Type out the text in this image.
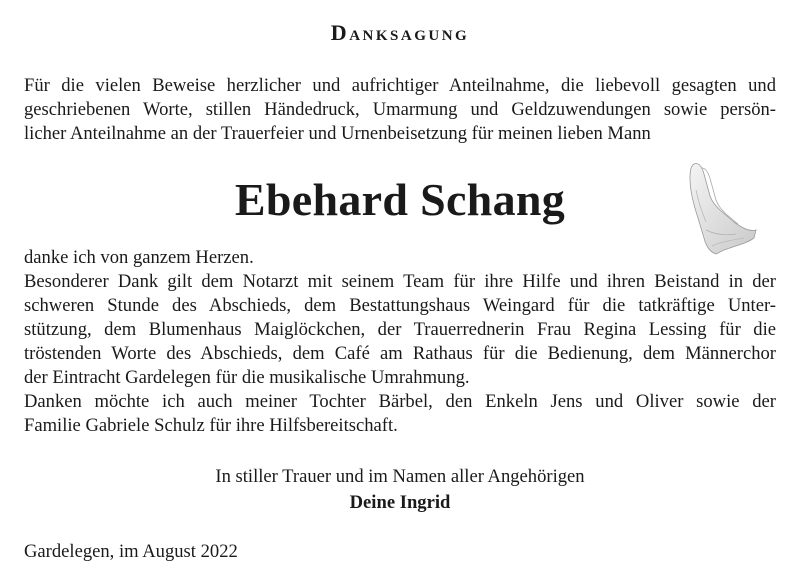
DANKSAGUNG
Für die vielen Beweise herzlicher und aufrichtiger Anteilnahme, die liebevoll gesagten und
geschriebenen Worte, stillen Händedruck, Umarmung und Geldzuwendungen sowie persön-
licher Anteilnahme an der Trauerfeier und Urnenbeisetzung für meinen lieben Mann
Ebehard Schang
danke ich von ganzem Herzen.
Besonderer Dank gilt dem Notarzt mit seinem Team für ihre Hilfe und ihren Beistand in der
schweren Stunde des Abschieds, dem Bestattungshaus Weingard für die tatkräftige Unter-
stützung, dem Blumenhaus Maiglöckchen, der Trauerrednerin Frau Regina Lessing für die
tröstenden Worte des Abschieds, dem Café am Rathaus für die Bedienung, dem Männerchor
der Eintracht Gardelegen für die musikalische Umrahmung.
Danken möchte ich auch meiner Tochter Bärbel, den Enkeln Jens und Oliver sowie der
Familie Gabriele Schulz für ihre Hilfsbereitschaft.
In stiller Trauer und im Namen aller Angehörigen
Deine Ingrid
Gardelegen, im August 2022
